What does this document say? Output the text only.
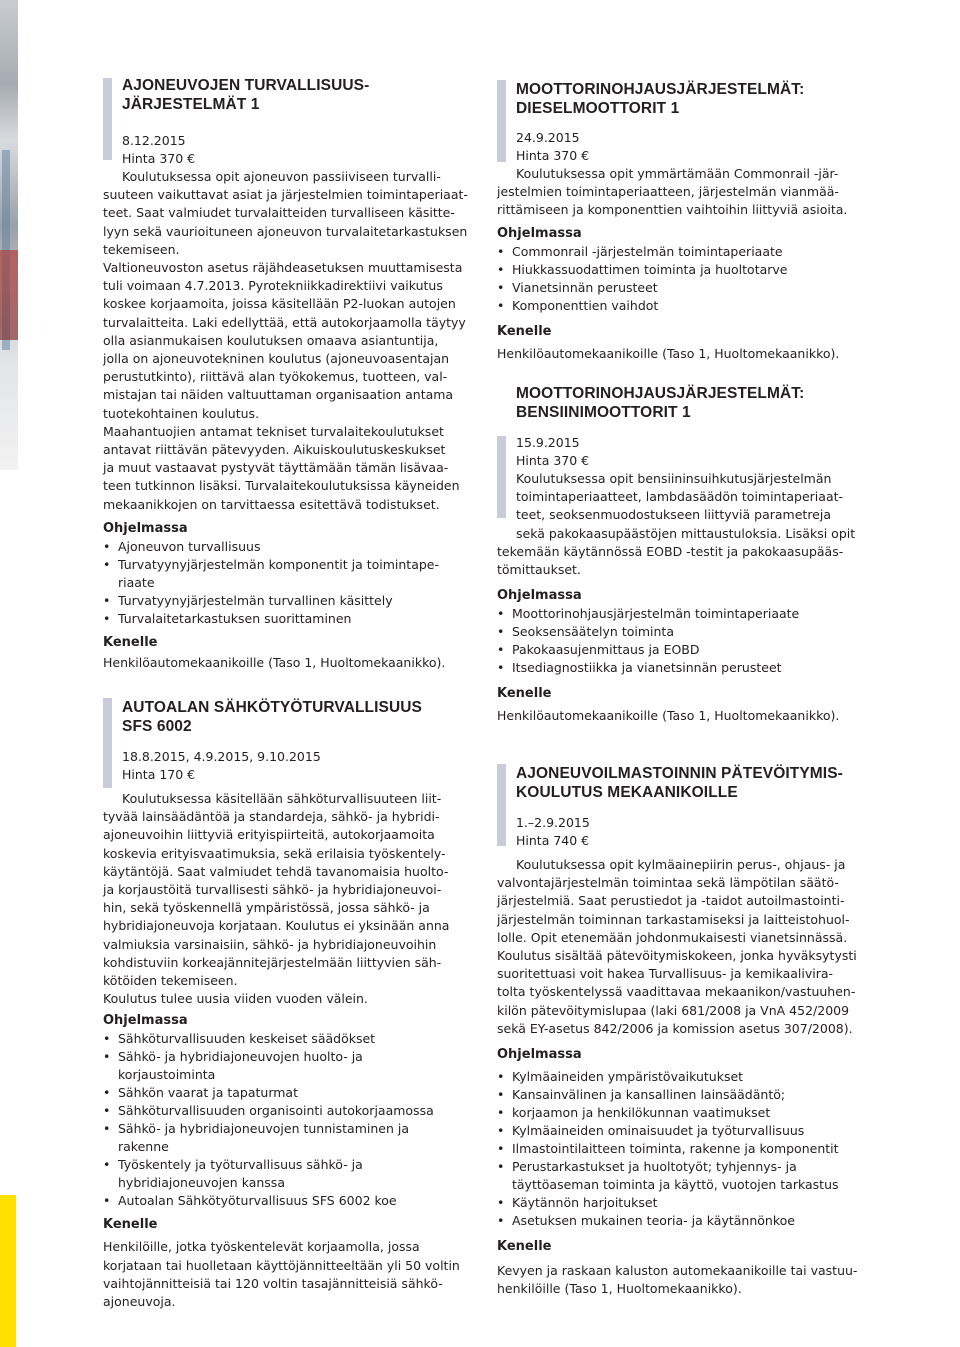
AJONEUVOJEN TURVALLISUUS-
JÄRJESTELMÄT 1
8.12.2015
Hinta 370 €

Koulutuksessa opit ajoneuvon passiiviseen turvalli-

suuteen vaikuttavat asiat ja järjestelmien toimintaperiaat-
teet. Saat valmiudet turvalaitteiden turvalliseen käsitte-
lyyn sekä vaurioituneen ajoneuvon turvalaitetarkastuksen
tekemiseen.
Valtioneuvoston asetus räjähdeasetuksen muuttamisesta
tuli voimaan 4.7.2013. Pyrotekniikkadirektiivi vaikutus
koskee korjaamoita, joissa käsitellään P2-luokan autojen
turvalaitteita. Laki edellyttää, että autokorjaamolla täytyy
olla asianmukaisen koulutuksen omaava asiantuntija,
jolla on ajoneuvotekninen koulutus (ajoneuvoasentajan
perustutkinto), riittävä alan työkokemus, tuotteen, val-
mistajan tai näiden valtuuttaman organisaation antama
tuotekohtainen koulutus.
Maahantuojien antamat tekniset turvalaitekoulutukset
antavat riittävän pätevyyden. Aikuiskoulutuskeskukset
ja muut vastaavat pystyvät täyttämään tämän lisävaa-
teen tutkinnon lisäksi. Turvalaitekoulutuksissa käyneiden
mekaanikkojen on tarvittaessa esitettävä todistukset.

Ohjelmassa
• Ajoneuvon turvallisuus
• Turvatyynyjärjestelmän komponentit ja toimintape-
riaate
• Turvatyynyjärjestelmän turvallinen käsittely
• Turvalaitetarkastuksen suorittaminen
Kenelle

Henkilöautomekaanikoille (Taso 1, Huoltomekaanikko).

AUTOALAN SÄHKÖTYÖTURVALLISUUS
SFS 6002
18.8.2015, 4.9.2015, 9.10.2015
Hinta 170 €

Koulutuksessa käsitellään sähköturvallisuuteen liit-

tyvää lainsäädäntöä ja standardeja, sähkö- ja hybridi-
ajoneuvoihin liittyviä erityispiirteitä, autokorjaamoita
koskevia erityisvaatimuksia, sekä erilaisia työskentely-
käytäntöjä. Saat valmiudet tehdä tavanomaisia huolto-
ja korjaustöitä turvallisesti sähkö- ja hybridiajoneuvoi-
hin, sekä työskennellä ympäristössä, jossa sähkö- ja
hybridiajoneuvoja korjataan. Koulutus ei yksinään anna
valmiuksia varsinaisiin, sähkö- ja hybridiajoneuvoihin
kohdistuviin korkeajännitejärjestelmään liittyvien säh-
kötöiden tekemiseen.
Koulutus tulee uusia viiden vuoden välein.

Ohjelmassa
• Sähköturvallisuuden keskeiset säädökset
• Sähkö- ja hybridiajoneuvojen huolto- ja
korjaustoiminta
• Sähkön vaarat ja tapaturmat
• Sähköturvallisuuden organisointi autokorjaamossa
• Sähkö- ja hybridiajoneuvojen tunnistaminen ja
rakenne
• Työskentely ja työturvallisuus sähkö- ja
hybridiajoneuvojen kanssa
• Autoalan Sähkötyöturvallisuus SFS 6002 koe
Kenelle

Henkilöille, jotka työskentelevät korjaamolla, jossa
korjataan tai huolletaan käyttöjännitteeltään yli 50 voltin
vaihtojännitteisiä tai 120 voltin tasajännitteisiä sähkö-
ajoneuvoja.

MOOTTORINOHJAUSJÄRJESTELMÄT:
DIESELMOOTTORIT 1
24.9.2015
Hinta 370 €

Koulutuksessa opit ymmärtämään Commonrail -jär-

jestelmien toimintaperiaatteen, järjestelmän vianmää-
rittämiseen ja komponenttien vaihtoihin liittyviä asioita.

Ohjelmassa
• Commonrail -järjestelmän toimintaperiaate
• Hiukkassuodattimen toiminta ja huoltotarve
• Vianetsinnän perusteet
• Komponenttien vaihdot
Kenelle

Henkilöautomekaanikoille (Taso 1, Huoltomekaanikko).

MOOTTORINOHJAUSJÄRJESTELMÄT:
BENSIINIMOOTTORIT 1
15.9.2015
Hinta 370 €

Koulutuksessa opit bensiininsuihkutusjärjestelmän
toimintaperiaatteet, lambdasäädön toimintaperiaat-
teet, seoksenmuodostukseen liittyviä parametreja
sekä pakokaasupäästöjen mittaustuloksia. Lisäksi opit

tekemään käytännössä EOBD -testit ja pakokaasupääs-
tömittaukset.

Ohjelmassa
• Moottorinohjausjärjestelmän toimintaperiaate
• Seoksensäätelyn toiminta
• Pakokaasujenmittaus ja EOBD
• Itsediagnostiikka ja vianetsinnän perusteet
Kenelle

Henkilöautomekaanikoille (Taso 1, Huoltomekaanikko).

AJONEUVOILMASTOINNIN PÄTEVÖITYMIS-
KOULUTUS MEKAANIKOILLE
1.–2.9.2015
Hinta 740 €

Koulutuksessa opit kylmäainepiirin perus-, ohjaus- ja

valvontajärjestelmän toimintaa sekä lämpötilan säätö-
järjestelmiä. Saat perustiedot ja -taidot autoilmastointi-
järjestelmän toiminnan tarkastamiseksi ja laitteistohuol-
lolle. Opit etenemään johdonmukaisesti vianetsinnässä.
Koulutus sisältää pätevöitymiskokeen, jonka hyväksytysti
suoritettuasi voit hakea Turvallisuus- ja kemikaalivira-
tolta työskentelyssä vaadittavaa mekaanikon/vastuuhen-
kilön pätevöitymislupaa (laki 681/2008 ja VnA 452/2009
sekä EY-asetus 842/2006 ja komission asetus 307/2008).

Ohjelmassa
• Kylmäaineiden ympäristövaikutukset
• Kansainvälinen ja kansallinen lainsäädäntö;
• korjaamon ja henkilökunnan vaatimukset
• Kylmäaineiden ominaisuudet ja työturvallisuus
• Ilmastointilaitteen toiminta, rakenne ja komponentit
• Perustarkastukset ja huoltotyöt; tyhjennys- ja
täyttöaseman toiminta ja käyttö, vuotojen tarkastus
• Käytännön harjoitukset
• Asetuksen mukainen teoria- ja käytännönkoe
Kenelle

Kevyen ja raskaan kaluston automekaanikoille tai vastuu-
henkilöille (Taso 1, Huoltomekaanikko).
